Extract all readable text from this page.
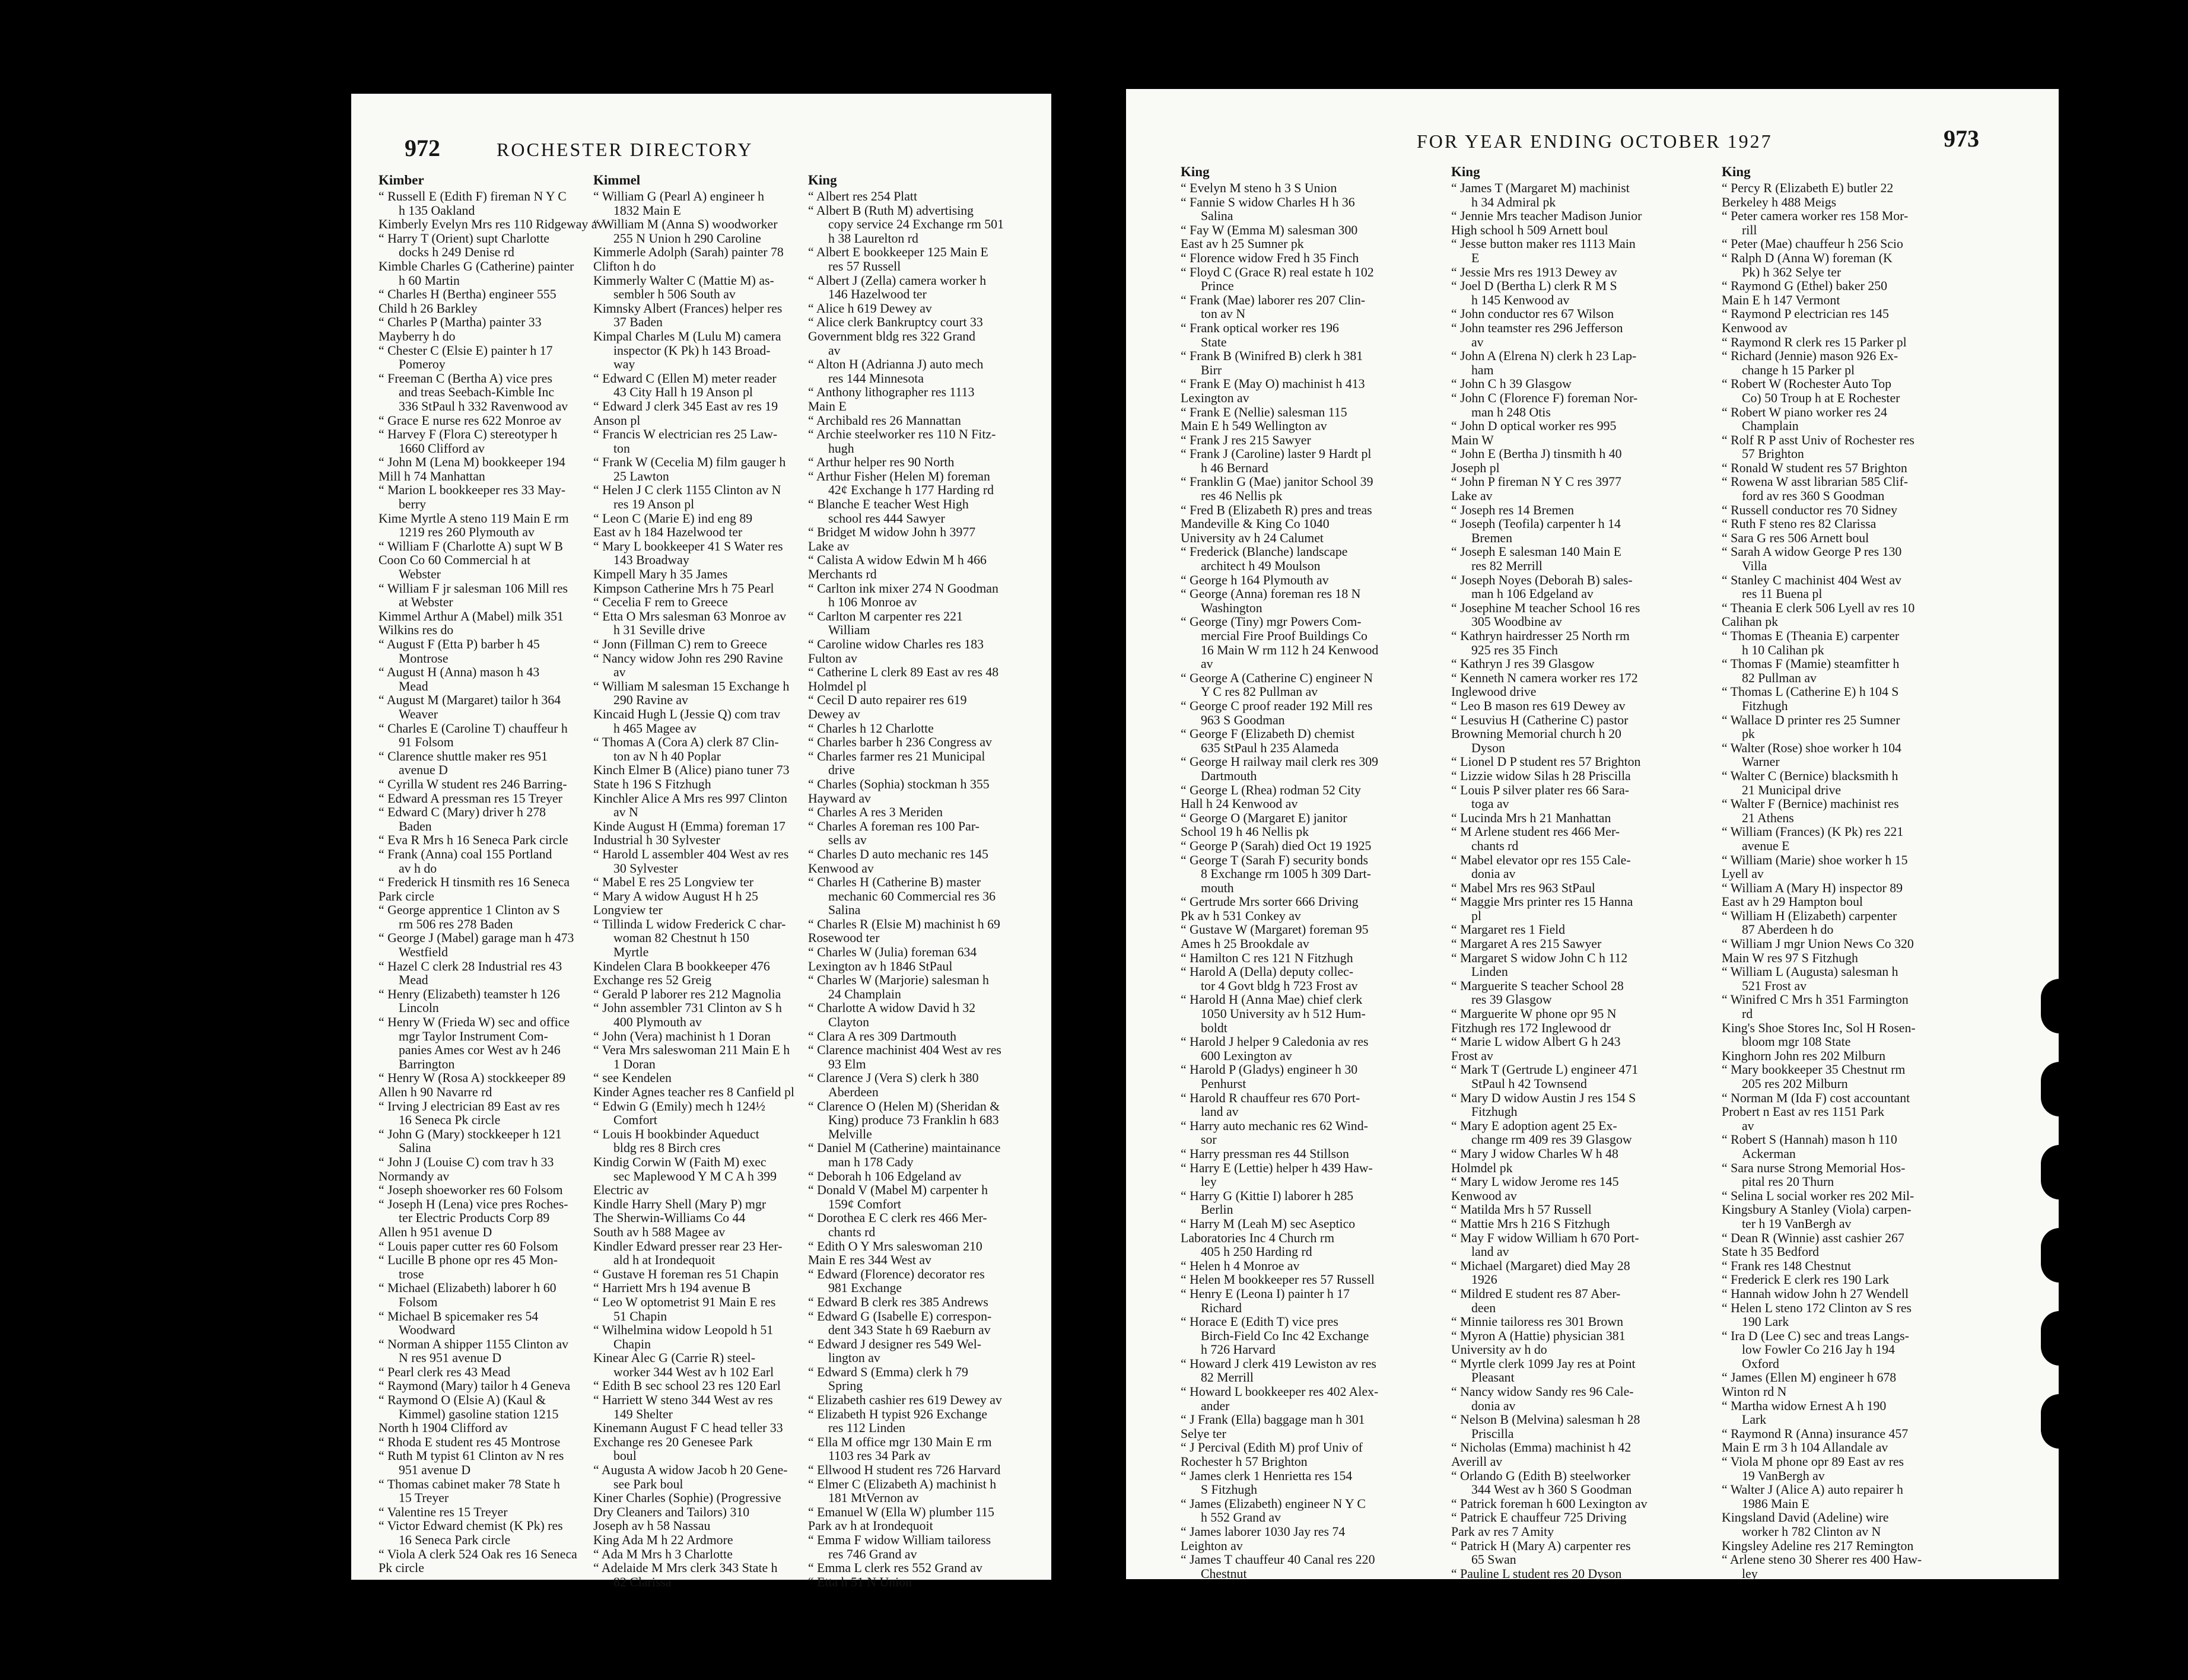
972	ROCHESTER DIRECTORY
Kimber
“ Russell E (Edith F) fireman N Y C
h 135 Oakland
Kimberly Evelyn Mrs res 110 Ridgeway av
“ Harry T (Orient) supt Charlotte
docks h 249 Denise rd
Kimble Charles G (Catherine) painter
h 60 Martin
“ Charles H (Bertha) engineer 555
Child h 26 Barkley
“ Charles P (Martha) painter 33
Mayberry h do
“ Chester C (Elsie E) painter h 17
Pomeroy
“ Freeman C (Bertha A) vice pres
and treas Seebach-Kimble Inc
336 StPaul h 332 Ravenwood av
“ Grace E nurse res 622 Monroe av
“ Harvey F (Flora C) stereotyper h
1660 Clifford av
“ John M (Lena M) bookkeeper 194
Mill h 74 Manhattan
“ Marion L bookkeeper res 33 May-
berry
Kime Myrtle A steno 119 Main E rm
1219 res 260 Plymouth av
“ William F (Charlotte A) supt W B
Coon Co 60 Commercial h at
Webster
“ William F jr salesman 106 Mill res
at Webster
Kimmel Arthur A (Mabel) milk 351
Wilkins res do
“ August F (Etta P) barber h 45
Montrose
“ August H (Anna) mason h 43
Mead
“ August M (Margaret) tailor h 364
Weaver
“ Charles E (Caroline T) chauffeur h
91 Folsom
“ Clarence shuttle maker res 951
avenue D
“ Cyrilla W student res 246 Barring-
“ Edward A pressman res 15 Treyer
“ Edward C (Mary) driver h 278
Baden
“ Eva R Mrs h 16 Seneca Park circle
“ Frank (Anna) coal 155 Portland
av h do
“ Frederick H tinsmith res 16 Seneca
Park circle
“ George apprentice 1 Clinton av S
rm 506 res 278 Baden
“ George J (Mabel) garage man h 473
Westfield
“ Hazel C clerk 28 Industrial res 43
Mead
“ Henry (Elizabeth) teamster h 126
Lincoln
“ Henry W (Frieda W) sec and office
mgr Taylor Instrument Com-
panies Ames cor West av h 246
Barrington
“ Henry W (Rosa A) stockkeeper 89
Allen h 90 Navarre rd
“ Irving J electrician 89 East av res
16 Seneca Pk circle
“ John G (Mary) stockkeeper h 121
Salina
“ John J (Louise C) com trav h 33
Normandy av
“ Joseph shoeworker res 60 Folsom
“ Joseph H (Lena) vice pres Roches-
ter Electric Products Corp 89
Allen h 951 avenue D
“ Louis paper cutter res 60 Folsom
“ Lucille B phone opr res 45 Mon-
trose
“ Michael (Elizabeth) laborer h 60
Folsom
“ Michael B spicemaker res 54
Woodward
“ Norman A shipper 1155 Clinton av
N res 951 avenue D
“ Pearl clerk res 43 Mead
“ Raymond (Mary) tailor h 4 Geneva
“ Raymond O (Elsie A) (Kaul &
Kimmel) gasoline station 1215
North h 1904 Clifford av
“ Rhoda E student res 45 Montrose
“ Ruth M typist 61 Clinton av N res
951 avenue D
“ Thomas cabinet maker 78 State h
15 Treyer
“ Valentine res 15 Treyer
“ Victor Edward chemist (K Pk) res
16 Seneca Park circle
“ Viola A clerk 524 Oak res 16 Seneca
Pk circle
Kimmel
“ William G (Pearl A) engineer h
1832 Main E
“ William M (Anna S) woodworker
255 N Union h 290 Caroline
Kimmerle Adolph (Sarah) painter 78
Clifton h do
Kimmerly Walter C (Mattie M) as-
sembler h 506 South av
Kimnsky Albert (Frances) helper res
37 Baden
Kimpal Charles M (Lulu M) camera
inspector (K Pk) h 143 Broad-
way
“ Edward C (Ellen M) meter reader
43 City Hall h 19 Anson pl
“ Edward J clerk 345 East av res 19
Anson pl
“ Francis W electrician res 25 Law-
ton
“ Frank W (Cecelia M) film gauger h
25 Lawton
“ Helen J C clerk 1155 Clinton av N
res 19 Anson pl
“ Leon C (Marie E) ind eng 89
East av h 184 Hazelwood ter
“ Mary L bookkeeper 41 S Water res
143 Broadway
Kimpell Mary h 35 James
Kimpson Catherine Mrs h 75 Pearl
“ Cecelia F rem to Greece
“ Etta O Mrs salesman 63 Monroe av
h 31 Seville drive
“ Jonn (Fillman C) rem to Greece
“ Nancy widow John res 290 Ravine
av
“ William M salesman 15 Exchange h
290 Ravine av
Kincaid Hugh L (Jessie Q) com trav
h 465 Magee av
“ Thomas A (Cora A) clerk 87 Clin-
ton av N h 40 Poplar
Kinch Elmer B (Alice) piano tuner 73
State h 196 S Fitzhugh
Kinchler Alice A Mrs res 997 Clinton
av N
Kinde August H (Emma) foreman 17
Industrial h 30 Sylvester
“ Harold L assembler 404 West av res
30 Sylvester
“ Mabel E res 25 Longview ter
“ Mary A widow August H h 25
Longview ter
“ Tillinda L widow Frederick C char-
woman 82 Chestnut h 150
Myrtle
Kindelen Clara B bookkeeper 476
Exchange res 52 Greig
“ Gerald P laborer res 212 Magnolia
“ John assembler 731 Clinton av S h
400 Plymouth av
“ John (Vera) machinist h 1 Doran
“ Vera Mrs saleswoman 211 Main E h
1 Doran
“ see Kendelen
Kinder Agnes teacher res 8 Canfield pl
“ Edwin G (Emily) mech h 124½
Comfort
“ Louis H bookbinder Aqueduct
bldg res 8 Birch cres
Kindig Corwin W (Faith M) exec
sec Maplewood Y M C A h 399
Electric av
Kindle Harry Shell (Mary P) mgr
The Sherwin-Williams Co 44
South av h 588 Magee av
Kindler Edward presser rear 23 Her-
ald h at Irondequoit
“ Gustave H foreman res 51 Chapin
“ Harriett Mrs h 194 avenue B
“ Leo W optometrist 91 Main E res
51 Chapin
“ Wilhelmina widow Leopold h 51
Chapin
Kinear Alec G (Carrie R) steel-
worker 344 West av h 102 Earl
“ Edith B sec school 23 res 120 Earl
“ Harriett W steno 344 West av res
149 Shelter
Kinemann August F C head teller 33
Exchange res 20 Genesee Park
boul
“ Augusta A widow Jacob h 20 Gene-
see Park boul
Kiner Charles (Sophie) (Progressive
Dry Cleaners and Tailors) 310
Joseph av h 58 Nassau
King Ada M h 22 Ardmore
“ Ada M Mrs h 3 Charlotte
“ Adelaide M Mrs clerk 343 State h
82 Clarissa
King
“ Albert res 254 Platt
“ Albert B (Ruth M) advertising
copy service 24 Exchange rm 501
h 38 Laurelton rd
“ Albert E bookkeeper 125 Main E
res 57 Russell
“ Albert J (Zella) camera worker h
146 Hazelwood ter
“ Alice h 619 Dewey av
“ Alice clerk Bankruptcy court 33
Government bldg res 322 Grand
av
“ Alton H (Adrianna J) auto mech
res 144 Minnesota
“ Anthony lithographer res 1113
Main E
“ Archibald res 26 Mannattan
“ Archie steelworker res 110 N Fitz-
hugh
“ Arthur helper res 90 North
“ Arthur Fisher (Helen M) foreman
42¢ Exchange h 177 Harding rd
“ Blanche E teacher West High
school res 444 Sawyer
“ Bridget M widow John h 3977
Lake av
“ Calista A widow Edwin M h 466
Merchants rd
“ Carlton ink mixer 274 N Goodman
h 106 Monroe av
“ Carlton M carpenter res 221
William
“ Caroline widow Charles res 183
Fulton av
“ Catherine L clerk 89 East av res 48
Holmdel pl
“ Cecil D auto repairer res 619
Dewey av
“ Charles h 12 Charlotte
“ Charles barber h 236 Congress av
“ Charles farmer res 21 Municipal
drive
“ Charles (Sophia) stockman h 355
Hayward av
“ Charles A res 3 Meriden
“ Charles A foreman res 100 Par-
sells av
“ Charles D auto mechanic res 145
Kenwood av
“ Charles H (Catherine B) master
mechanic 60 Commercial res 36
Salina
“ Charles R (Elsie M) machinist h 69
Rosewood ter
“ Charles W (Julia) foreman 634
Lexington av h 1846 StPaul
“ Charles W (Marjorie) salesman h
24 Champlain
“ Charlotte A widow David h 32
Clayton
“ Clara A res 309 Dartmouth
“ Clarence machinist 404 West av res
93 Elm
“ Clarence J (Vera S) clerk h 380
Aberdeen
“ Clarence O (Helen M) (Sheridan &
King) produce 73 Franklin h 683
Melville
“ Daniel M (Catherine) maintainance
man h 178 Cady
“ Deborah h 106 Edgeland av
“ Donald V (Mabel M) carpenter h
159¢ Comfort
“ Dorothea E C clerk res 466 Mer-
chants rd
“ Edith O Y Mrs saleswoman 210
Main E res 344 West av
“ Edward (Florence) decorator res
981 Exchange
“ Edward B clerk res 385 Andrews
“ Edward G (Isabelle E) correspon-
dent 343 State h 69 Raeburn av
“ Edward J designer res 549 Wel-
lington av
“ Edward S (Emma) clerk h 79
Spring
“ Elizabeth cashier res 619 Dewey av
“ Elizabeth H typist 926 Exchange
res 112 Linden
“ Ella M office mgr 130 Main E rm
1103 res 34 Park av
“ Ellwood H student res 726 Harvard
“ Elmer C (Elizabeth A) machinist h
181 MtVernon av
“ Emanuel W (Ella W) plumber 115
Park av h at Irondequoit
“ Emma F widow William tailoress
res 746 Grand av
“ Emma L clerk res 552 Grand av
“ Etta h 51 N Union
973
FOR YEAR ENDING OCTOBER 1927
King
“ Evelyn M steno h 3 S Union
“ Fannie S widow Charles H h 36
Salina
“ Fay W (Emma M) salesman 300
East av h 25 Sumner pk
“ Florence widow Fred h 35 Finch
“ Floyd C (Grace R) real estate h 102
Prince
“ Frank (Mae) laborer res 207 Clin-
ton av N
“ Frank optical worker res 196
State
“ Frank B (Winifred B) clerk h 381
Birr
“ Frank E (May O) machinist h 413
Lexington av
“ Frank E (Nellie) salesman 115
Main E h 549 Wellington av
“ Frank J res 215 Sawyer
“ Frank J (Caroline) laster 9 Hardt pl
h 46 Bernard
“ Franklin G (Mae) janitor School 39
res 46 Nellis pk
“ Fred B (Elizabeth R) pres and treas
Mandeville & King Co 1040
University av h 24 Calumet
“ Frederick (Blanche) landscape
architect h 49 Moulson
“ George h 164 Plymouth av
“ George (Anna) foreman res 18 N
Washington
“ George (Tiny) mgr Powers Com-
mercial Fire Proof Buildings Co
16 Main W rm 112 h 24 Kenwood
av
“ George A (Catherine C) engineer N
Y C res 82 Pullman av
“ George C proof reader 192 Mill res
963 S Goodman
“ George F (Elizabeth D) chemist
635 StPaul h 235 Alameda
“ George H railway mail clerk res 309
Dartmouth
“ George L (Rhea) rodman 52 City
Hall h 24 Kenwood av
“ George O (Margaret E) janitor
School 19 h 46 Nellis pk
“ George P (Sarah) died Oct 19 1925
“ George T (Sarah F) security bonds
8 Exchange rm 1005 h 309 Dart-
mouth
“ Gertrude Mrs sorter 666 Driving
Pk av h 531 Conkey av
“ Gustave W (Margaret) foreman 95
Ames h 25 Brookdale av
“ Hamilton C res 121 N Fitzhugh
“ Harold A (Della) deputy collec-
tor 4 Govt bldg h 723 Frost av
“ Harold H (Anna Mae) chief clerk
1050 University av h 512 Hum-
boldt
“ Harold J helper 9 Caledonia av res
600 Lexington av
“ Harold P (Gladys) engineer h 30
Penhurst
“ Harold R chauffeur res 670 Port-
land av
“ Harry auto mechanic res 62 Wind-
sor
“ Harry pressman res 44 Stillson
“ Harry E (Lettie) helper h 439 Haw-
ley
“ Harry G (Kittie I) laborer h 285
Berlin
“ Harry M (Leah M) sec Aseptico
Laboratories Inc 4 Church rm
405 h 250 Harding rd
“ Helen h 4 Monroe av
“ Helen M bookkeeper res 57 Russell
“ Henry E (Leona I) painter h 17
Richard
“ Horace E (Edith T) vice pres
Birch-Field Co Inc 42 Exchange
h 726 Harvard
“ Howard J clerk 419 Lewiston av res
82 Merrill
“ Howard L bookkeeper res 402 Alex-
ander
“ J Frank (Ella) baggage man h 301
Selye ter
“ J Percival (Edith M) prof Univ of
Rochester h 57 Brighton
“ James clerk 1 Henrietta res 154
S Fitzhugh
“ James (Elizabeth) engineer N Y C
h 552 Grand av
“ James laborer 1030 Jay res 74
Leighton av
“ James T chauffeur 40 Canal res 220
Chestnut
King
“ James T (Margaret M) machinist
h 34 Admiral pk
“ Jennie Mrs teacher Madison Junior
High school h 509 Arnett boul
“ Jesse button maker res 1113 Main
E
“ Jessie Mrs res 1913 Dewey av
“ Joel D (Bertha L) clerk R M S
h 145 Kenwood av
“ John conductor res 67 Wilson
“ John teamster res 296 Jefferson
av
“ John A (Elrena N) clerk h 23 Lap-
ham
“ John C h 39 Glasgow
“ John C (Florence F) foreman Nor-
man h 248 Otis
“ John D optical worker res 995
Main W
“ John E (Bertha J) tinsmith h 40
Joseph pl
“ John P fireman N Y C res 3977
Lake av
“ Joseph res 14 Bremen
“ Joseph (Teofila) carpenter h 14
Bremen
“ Joseph E salesman 140 Main E
res 82 Merrill
“ Joseph Noyes (Deborah B) sales-
man h 106 Edgeland av
“ Josephine M teacher School 16 res
305 Woodbine av
“ Kathryn hairdresser 25 North rm
925 res 35 Finch
“ Kathryn J res 39 Glasgow
“ Kenneth N camera worker res 172
Inglewood drive
“ Leo B mason res 619 Dewey av
“ Lesuvius H (Catherine C) pastor
Browning Memorial church h 20
Dyson
“ Lionel D P student res 57 Brighton
“ Lizzie widow Silas h 28 Priscilla
“ Louis P silver plater res 66 Sara-
toga av
“ Lucinda Mrs h 21 Manhattan
“ M Arlene student res 466 Mer-
chants rd
“ Mabel elevator opr res 155 Cale-
donia av
“ Mabel Mrs res 963 StPaul
“ Maggie Mrs printer res 15 Hanna
pl
“ Margaret res 1 Field
“ Margaret A res 215 Sawyer
“ Margaret S widow John C h 112
Linden
“ Marguerite S teacher School 28
res 39 Glasgow
“ Marguerite W phone opr 95 N
Fitzhugh res 172 Inglewood dr
“ Marie L widow Albert G h 243
Frost av
“ Mark T (Gertrude L) engineer 471
StPaul h 42 Townsend
“ Mary D widow Austin J res 154 S
Fitzhugh
“ Mary E adoption agent 25 Ex-
change rm 409 res 39 Glasgow
“ Mary J widow Charles W h 48
Holmdel pk
“ Mary L widow Jerome res 145
Kenwood av
“ Matilda Mrs h 57 Russell
“ Mattie Mrs h 216 S Fitzhugh
“ May F widow William h 670 Port-
land av
“ Michael (Margaret) died May 28
1926
“ Mildred E student res 87 Aber-
deen
“ Minnie tailoress res 301 Brown
“ Myron A (Hattie) physician 381
University av h do
“ Myrtle clerk 1099 Jay res at Point
Pleasant
“ Nancy widow Sandy res 96 Cale-
donia av
“ Nelson B (Melvina) salesman h 28
Priscilla
“ Nicholas (Emma) machinist h 42
Averill av
“ Orlando G (Edith B) steelworker
344 West av h 360 S Goodman
“ Patrick foreman h 600 Lexington av
“ Patrick E chauffeur 725 Driving
Park av res 7 Amity
“ Patrick H (Mary A) carpenter res
65 Swan
“ Pauline L student res 20 Dyson
King
“ Percy R (Elizabeth E) butler 22
Berkeley h 488 Meigs
“ Peter camera worker res 158 Mor-
rill
“ Peter (Mae) chauffeur h 256 Scio
“ Ralph D (Anna W) foreman (K
Pk) h 362 Selye ter
“ Raymond G (Ethel) baker 250
Main E h 147 Vermont
“ Raymond P electrician res 145
Kenwood av
“ Raymond R clerk res 15 Parker pl
“ Richard (Jennie) mason 926 Ex-
change h 15 Parker pl
“ Robert W (Rochester Auto Top
Co) 50 Troup h at E Rochester
“ Robert W piano worker res 24
Champlain
“ Rolf R P asst Univ of Rochester res
57 Brighton
“ Ronald W student res 57 Brighton
“ Rowena W asst librarian 585 Clif-
ford av res 360 S Goodman
“ Russell conductor res 70 Sidney
“ Ruth F steno res 82 Clarissa
“ Sara G res 506 Arnett boul
“ Sarah A widow George P res 130
Villa
“ Stanley C machinist 404 West av
res 11 Buena pl
“ Theania E clerk 506 Lyell av res 10
Calihan pk
“ Thomas E (Theania E) carpenter
h 10 Calihan pk
“ Thomas F (Mamie) steamfitter h
82 Pullman av
“ Thomas L (Catherine E) h 104 S
Fitzhugh
“ Wallace D printer res 25 Sumner
pk
“ Walter (Rose) shoe worker h 104
Warner
“ Walter C (Bernice) blacksmith h
21 Municipal drive
“ Walter F (Bernice) machinist res
21 Athens
“ William (Frances) (K Pk) res 221
avenue E
“ William (Marie) shoe worker h 15
Lyell av
“ William A (Mary H) inspector 89
East av h 29 Hampton boul
“ William H (Elizabeth) carpenter
87 Aberdeen h do
“ William J mgr Union News Co 320
Main W res 97 S Fitzhugh
“ William L (Augusta) salesman h
521 Frost av
“ Winifred C Mrs h 351 Farmington
rd
King's Shoe Stores Inc, Sol H Rosen-
bloom mgr 108 State
Kinghorn John res 202 Milburn
“ Mary bookkeeper 35 Chestnut rm
205 res 202 Milburn
“ Norman M (Ida F) cost accountant
Probert n East av res 1151 Park
av
“ Robert S (Hannah) mason h 110
Ackerman
“ Sara nurse Strong Memorial Hos-
pital res 20 Thurn
“ Selina L social worker res 202 Mil-
Kingsbury A Stanley (Viola) carpen-
ter h 19 VanBergh av
“ Dean R (Winnie) asst cashier 267
State h 35 Bedford
“ Frank res 148 Chestnut
“ Frederick E clerk res 190 Lark
“ Hannah widow John h 27 Wendell
“ Helen L steno 172 Clinton av S res
190 Lark
“ Ira D (Lee C) sec and treas Langs-
low Fowler Co 216 Jay h 194
Oxford
“ James (Ellen M) engineer h 678
Winton rd N
“ Martha widow Ernest A h 190
Lark
“ Raymond R (Anna) insurance 457
Main E rm 3 h 104 Allandale av
“ Viola M phone opr 89 East av res
19 VanBergh av
“ Walter J (Alice A) auto repairer h
1986 Main E
Kingsland David (Adeline) wire
worker h 782 Clinton av N
Kingsley Adeline res 217 Remington
“ Arlene steno 30 Sherer res 400 Haw-
ley
